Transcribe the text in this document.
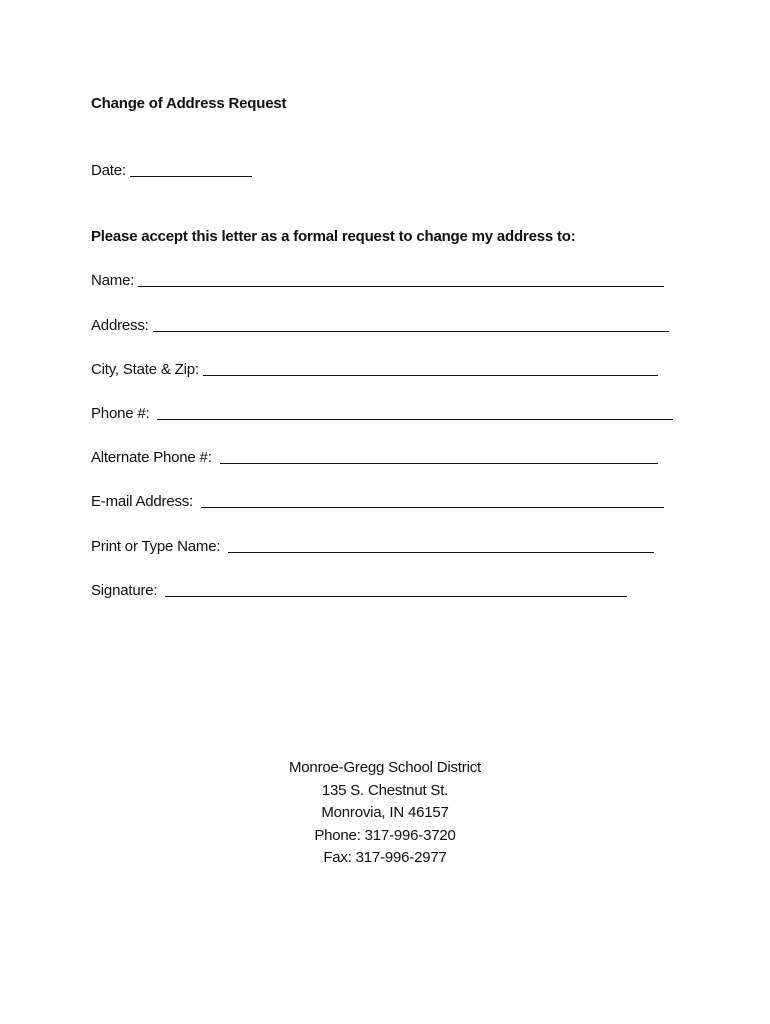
Change of Address Request
Date:
Please accept this letter as a formal request to change my address to:
Name:
Address:
City, State & Zip:
Phone #:
Alternate Phone #:
E-mail Address:
Print or Type Name:
Signature:
Monroe-Gregg School District
135 S. Chestnut St.
Monrovia, IN 46157
Phone: 317-996-3720
Fax: 317-996-2977
